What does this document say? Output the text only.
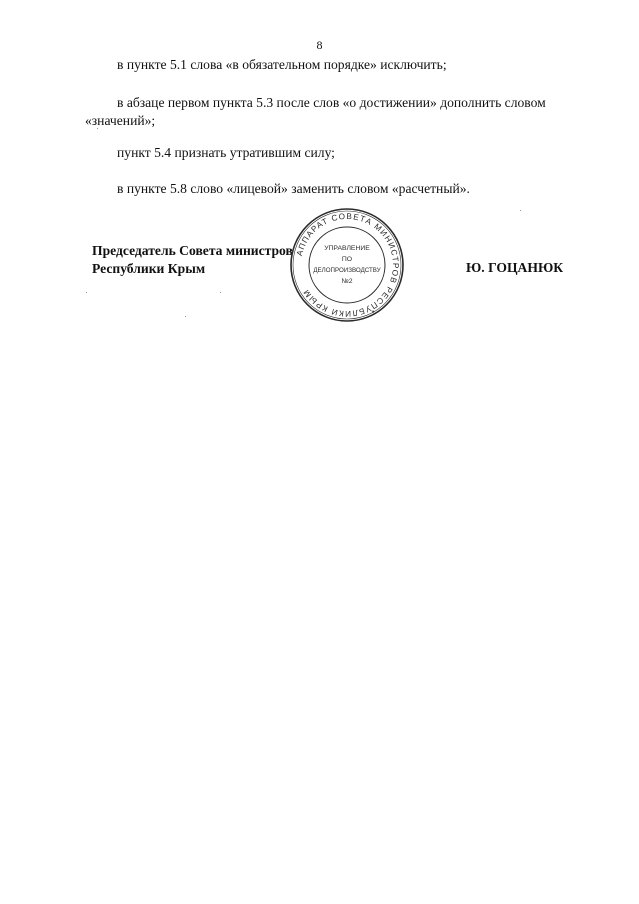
8
в пункте 5.1 слова «в обязательном порядке» исключить;
в абзаце первом пункта 5.3 после слов «о достижении» дополнить словом «значений»;
пункт 5.4 признать утратившим силу;
в пункте 5.8 слово «лицевой» заменить словом «расчетный».
Председатель Совета министров
Республики Крым	Ю. ГОЦАНЮК
АППАРАТ СОВЕТА МИНИСТРОВ РЕСПУБЛИКИ КРЫМ
УПРАВЛЕНИЕ
ПО
ДЕЛОПРОИЗВОДСТВУ
№2
*
